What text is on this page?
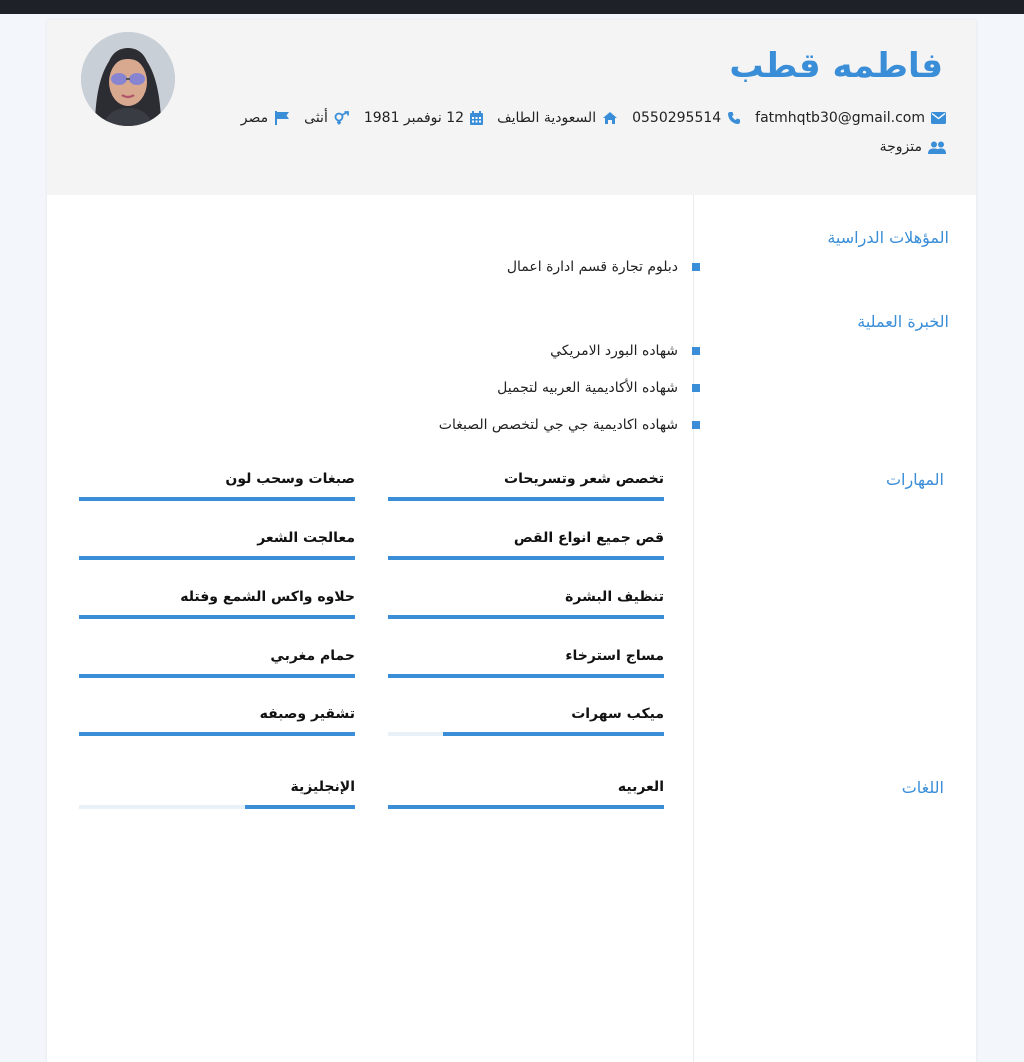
فاطمه قطب
fatmhqtb30@gmail.com
0550295514
السعودية الطايف
12 نوفمبر 1981
أنثى
مصر
متزوجة
المؤهلات الدراسية
دبلوم تجارة قسم ادارة اعمال
الخبرة العملية
شهاده البورد الامريكي
شهاده الأكاديمية العربيه لتجميل
شهاده اكاديمية جي جي لتخصص الصبغات
المهارات
تخصص شعر وتسريحات
صبغات وسحب لون
قص جميع انواع القص
معالجت الشعر
تنظيف البشرة
حلاوه واكس الشمع وفتله
مساج استرخاء
حمام مغربي
ميكب سهرات
تشقير وصبفه
اللغات
العربيه
الإنجليزية
